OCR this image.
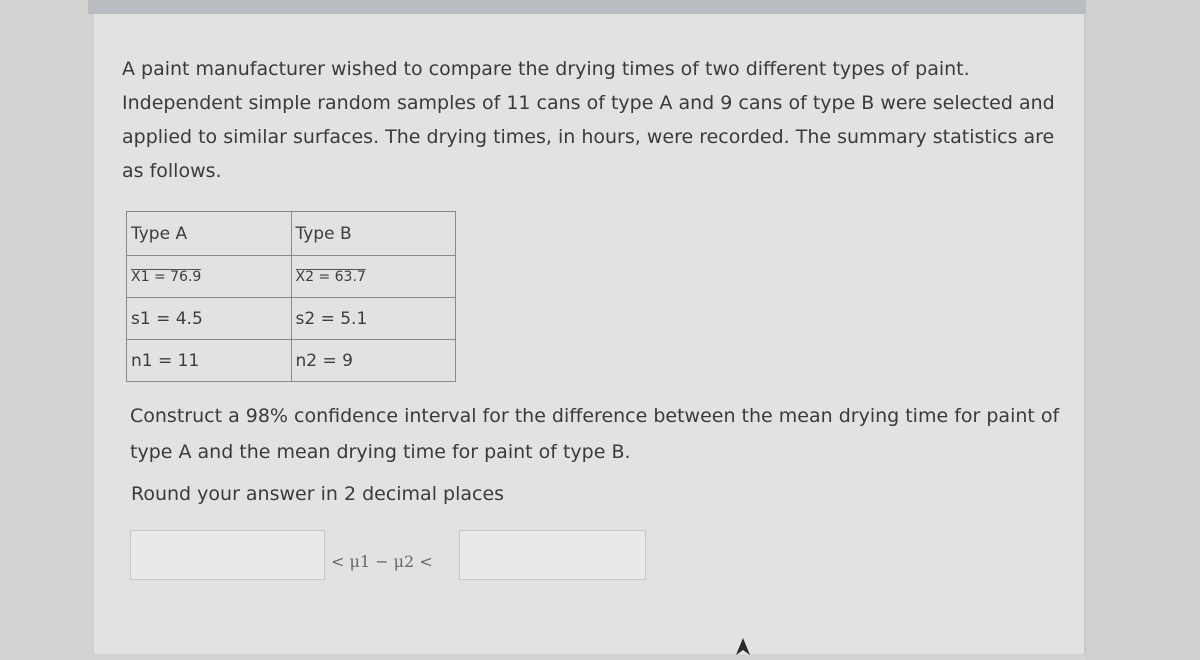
A paint manufacturer wished to compare the drying times of two different types of paint. Independent simple random samples of 11 cans of type A and 9 cans of type B were selected and applied to similar surfaces. The drying times, in hours, were recorded. The summary statistics are as follows.

Type A	Type B
X1 = 76.9	X2 = 63.7
s1 = 4.5	s2 = 5.1
n1 = 11	n2 = 9

Construct a 98% confidence interval for the difference between the mean drying time for paint of type A and the mean drying time for paint of type B.

Round your answer in 2 decimal places

< μ1 − μ2 <
